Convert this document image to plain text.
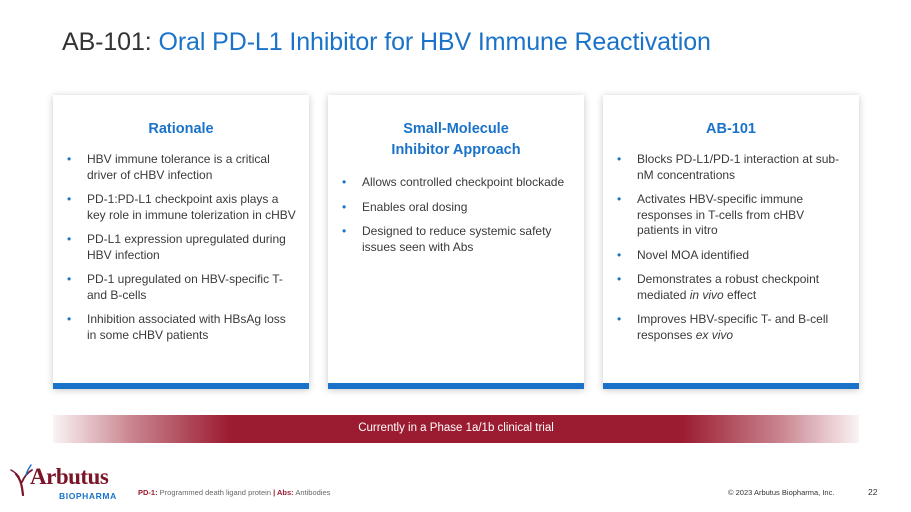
AB-101: Oral PD-L1 Inhibitor for HBV Immune Reactivation
Rationale
• HBV immune tolerance is a critical driver of cHBV infection
• PD-1:PD-L1 checkpoint axis plays a key role in immune tolerization in cHBV
• PD-L1 expression upregulated during HBV infection
• PD-1 upregulated on HBV-specific T- and B-cells
• Inhibition associated with HBsAg loss in some cHBV patients
Small-Molecule
Inhibitor Approach
• Allows controlled checkpoint blockade
• Enables oral dosing
• Designed to reduce systemic safety issues seen with Abs
AB-101
• Blocks PD-L1/PD-1 interaction at sub-nM concentrations
• Activates HBV-specific immune responses in T-cells from cHBV patients in vitro
• Novel MOA identified
• Demonstrates a robust checkpoint mediated in vivo effect
• Improves HBV-specific T- and B-cell responses ex vivo
Currently in a Phase 1a/1b clinical trial
Arbutus
BIOPHARMA	PD-1: Programmed death ligand protein | Abs: Antibodies	© 2023 Arbutus Biopharma, Inc.	22
